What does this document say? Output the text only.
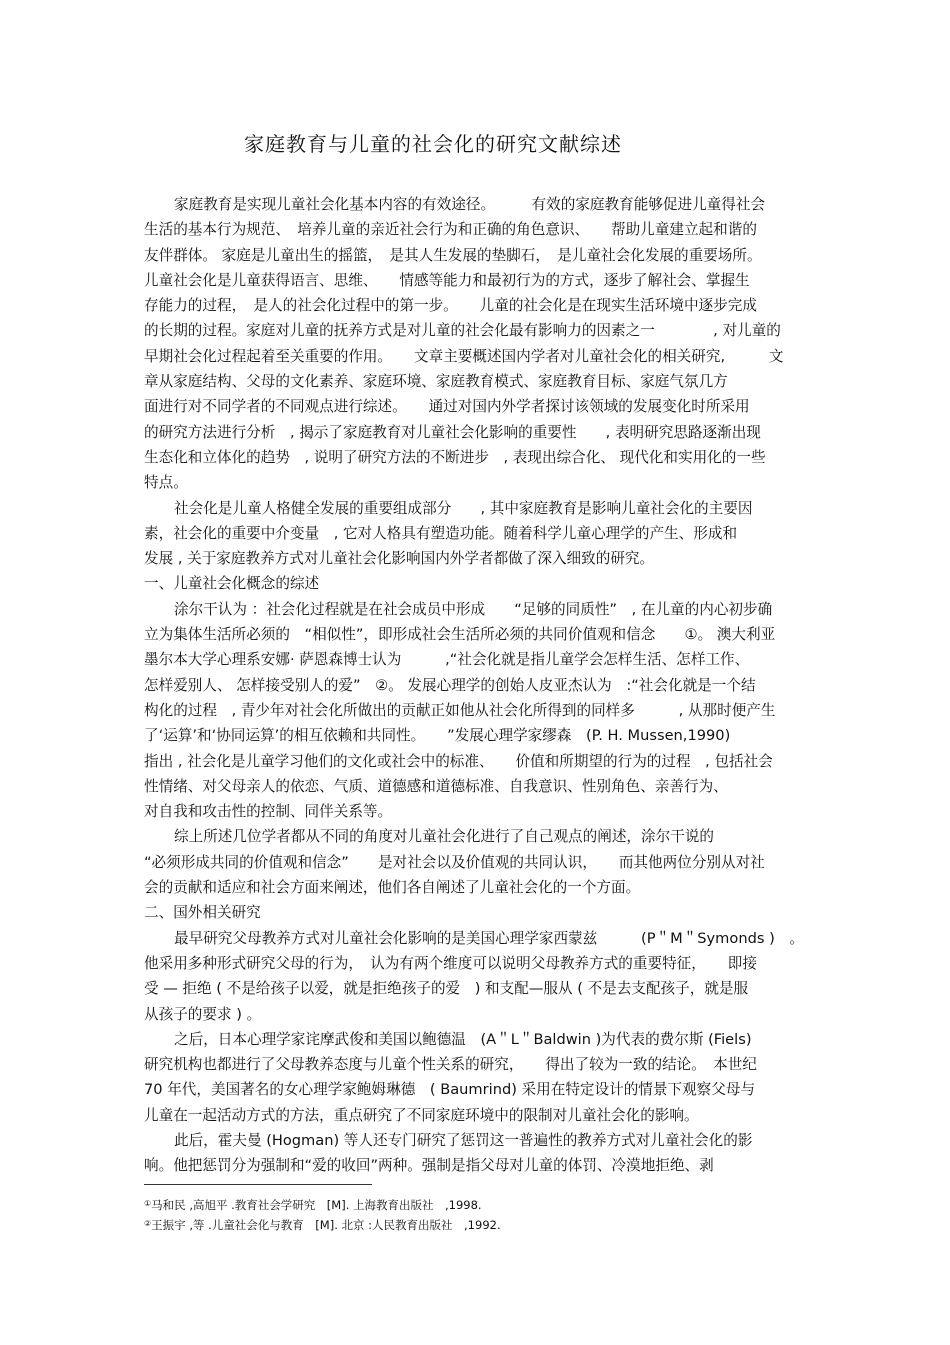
家庭教育与儿童的社会化的研究文献综述
家庭教育是实现儿童社会化基本内容的有效途径。　　　有效的家庭教育能够促进儿童得社会
生活的基本行为规范、　培养儿童的亲近社会行为和正确的角色意识、　　帮助儿童建立起和谐的
友伴群体。 家庭是儿童出生的摇篮，　是其人生发展的垫脚石，　是儿童社会化发展的重要场所。
儿童社会化是儿童获得语言、思维、　　情感等能力和最初行为的方式，逐步了解社会、掌握生
存能力的过程，　是人的社会化过程中的第一步。　　儿童的社会化是在现实生活环境中逐步完成
的长期的过程。家庭对儿童的抚养方式是对儿童的社会化最有影响力的因素之一　　　　, 对儿童的
早期社会化过程起着至关重要的作用。　　文章主要概述国内学者对儿童社会化的相关研究,　　　文
章从家庭结构、父母的文化素养、家庭环境、家庭教育模式、家庭教育目标、家庭气氛几方
面进行对不同学者的不同观点进行综述。　　通过对国内外学者探讨该领域的发展变化时所采用
的研究方法进行分析　, 揭示了家庭教育对儿童社会化影响的重要性　　, 表明研究思路逐渐出现
生态化和立体化的趋势　, 说明了研究方法的不断进步　, 表现出综合化、 现代化和实用化的一些
特点。
社会化是儿童人格健全发展的重要组成部分　　, 其中家庭教育是影响儿童社会化的主要因
素，社会化的重要中介变量　, 它对人格具有塑造功能。随着科学儿童心理学的产生、形成和
发展 , 关于家庭教养方式对儿童社会化影响国内外学者都做了深入细致的研究。
一、儿童社会化概念的综述
涂尔干认为 ：社会化过程就是在社会成员中形成　　“足够的同质性”　, 在儿童的内心初步确
立为集体生活所必须的　“相似性”，即形成社会生活所必须的共同价值观和信念　　①。 澳大利亚
墨尔本大学心理系安娜· 萨恩森博士认为　　　,“社会化就是指儿童学会怎样生活、怎样工作、
怎样爱别人、 怎样接受别人的爱”　②。 发展心理学的创始人皮亚杰认为　:“社会化就是一个结
构化的过程　, 青少年对社会化所做出的贡献正如他从社会化所得到的同样多　　　, 从那时便产生
了‘运算’和‘协同运算’的相互依赖和共同性。　　”发展心理学家缪森　(P. H. Mussen,1990)
指出 , 社会化是儿童学习他们的文化或社会中的标准、　　价值和所期望的行为的过程　, 包括社会
性情绪、对父母亲人的依恋、气质、道德感和道德标准、自我意识、性别角色、亲善行为、
对自我和攻击性的控制、同伴关系等。
综上所述几位学者都从不同的角度对儿童社会化进行了自己观点的阐述，涂尔干说的
“必须形成共同的价值观和信念”　　是对社会以及价值观的共同认识，　　而其他两位分别从对社
会的贡献和适应和社会方面来阐述，他们各自阐述了儿童社会化的一个方面。
二、国外相关研究
最早研究父母教养方式对儿童社会化影响的是美国心理学家西蒙兹　　　(P＂M＂Symonds )　。
他采用多种形式研究父母的行为，　认为有两个维度可以说明父母教养方式的重要特征，　　即接
受 — 拒绝 ( 不是给孩子以爱，就是拒绝孩子的爱　) 和支配—服从 ( 不是去支配孩子，就是服
从孩子的要求 ) 。
之后，日本心理学家诧摩武俊和美国以鲍德温　(A＂L＂Baldwin )为代表的费尔斯 (Fiels)
研究机构也都进行了父母教养态度与儿童个性关系的研究，　　得出了较为一致的结论。　本世纪
70 年代，美国著名的女心理学家鲍姆琳德　( Baumrind) 采用在特定设计的情景下观察父母与
儿童在一起活动方式的方法，重点研究了不同家庭环境中的限制对儿童社会化的影响。
此后，霍夫曼 (Hogman) 等人还专门研究了惩罚这一普遍性的教养方式对儿童社会化的影
响。他把惩罚分为强制和“爱的收回”两种。强制是指父母对儿童的体罚、冷漠地拒绝、剥
①马和民 ,高旭平 .教育社会学研究　[M]. 上海教育出版社　,1998.
②王振宇 ,等 .儿童社会化与教育　[M]. 北京 :人民教育出版社　,1992.
